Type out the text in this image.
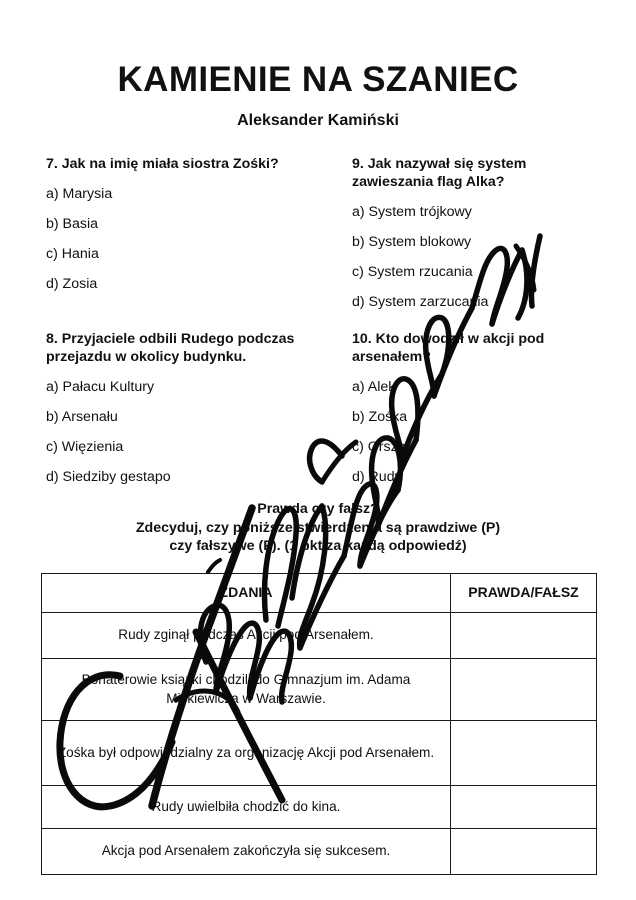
KAMIENIE NA SZANIEC
Aleksander Kamiński

7. Jak na imię miała siostra Zośki?

a) Marysia

b) Basia

c) Hania

d) Zosia

8. Przyjaciele odbili Rudego podczas przejazdu w okolicy budynku.

a) Pałacu Kultury

b) Arsenału

c) Więzienia

d) Siedziby gestapo

9. Jak nazywał się system zawieszania flag Alka?

a) System trójkowy

b) System blokowy

c) System rzucania

d) System zarzucania

10. Kto dowodził w akcji pod arsenałem?

a) Alek

b) Zośka

c) Orsza

d) Rudy

Prawda czy fałsz?
Zdecyduj, czy poniższe stwierdzenia są prawdziwe (P)
czy fałszywe (F). (1 pkt za każdą odpowiedź)
ZDANIA	PRAWDA/FAŁSZ
Rudy zginął podczas Akcji pod Arsenałem.	
Bohaterowie książki chodzili do Gimnazjum im. Adama Mickiewicza w Warszawie.	
Zośka był odpowiedzialny za organizację Akcji pod Arsenałem.	
Rudy uwielbiła chodzić do kina.	
Akcja pod Arsenałem zakończyła się sukcesem.	
